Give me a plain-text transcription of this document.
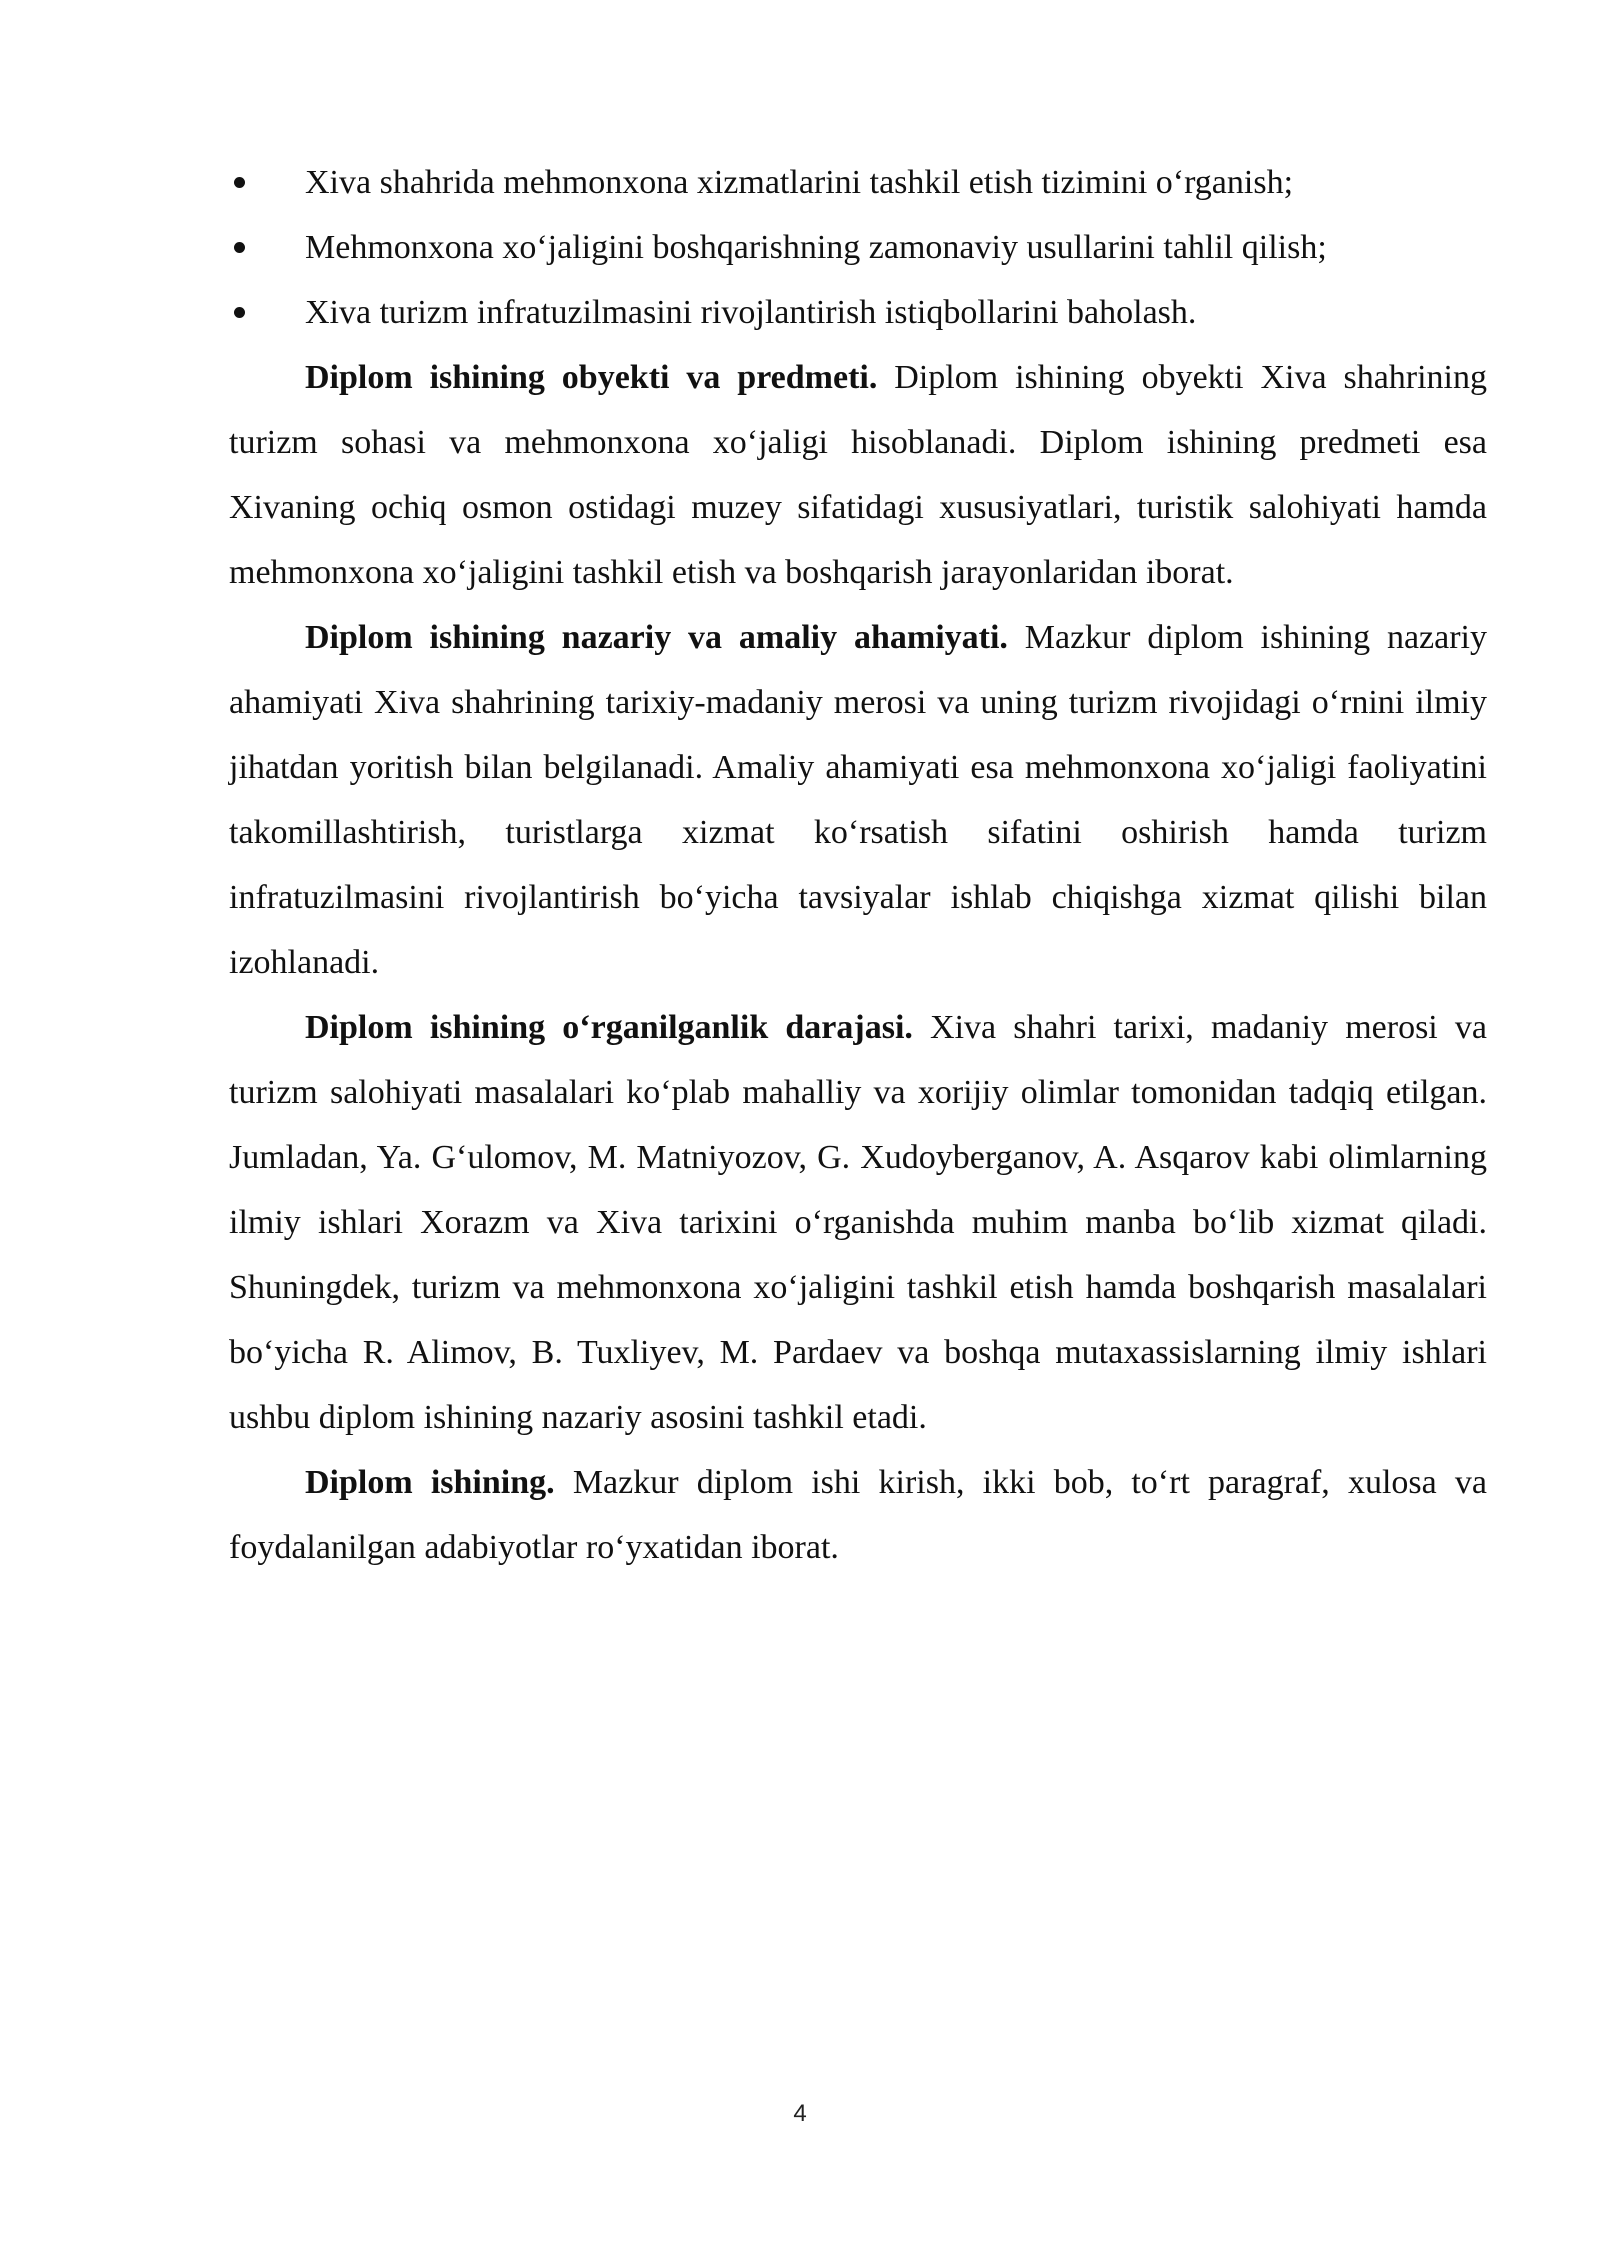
Xiva shahrida mehmonxona xizmatlarini tashkil etish tizimini o‘rganish;
Mehmonxona xo‘jaligini boshqarishning zamonaviy usullarini tahlil qilish;
Xiva turizm infratuzilmasini rivojlantirish istiqbollarini baholash.

Diplom ishining obyekti va predmeti. Diplom ishining obyekti Xiva shahrining turizm sohasi va mehmonxona xo‘jaligi hisoblanadi. Diplom ishining predmeti esa Xivaning ochiq osmon ostidagi muzey sifatidagi xususiyatlari, turistik salohiyati hamda mehmonxona xo‘jaligini tashkil etish va boshqarish jarayonlaridan iborat.

Diplom ishining nazariy va amaliy ahamiyati. Mazkur diplom ishining nazariy ahamiyati Xiva shahrining tarixiy-madaniy merosi va uning turizm rivojidagi o‘rnini ilmiy jihatdan yoritish bilan belgilanadi. Amaliy ahamiyati esa mehmonxona xo‘jaligi faoliyatini takomillashtirish, turistlarga xizmat ko‘rsatish sifatini oshirish hamda turizm infratuzilmasini rivojlantirish bo‘yicha tavsiyalar ishlab chiqishga xizmat qilishi bilan izohlanadi.

Diplom ishining o‘rganilganlik darajasi. Xiva shahri tarixi, madaniy merosi va turizm salohiyati masalalari ko‘plab mahalliy va xorijiy olimlar tomonidan tadqiq etilgan. Jumladan, Ya. G‘ulomov, M. Matniyozov, G. Xudoyberganov, A. Asqarov kabi olimlarning ilmiy ishlari Xorazm va Xiva tarixini o‘rganishda muhim manba bo‘lib xizmat qiladi. Shuningdek, turizm va mehmonxona xo‘jaligini tashkil etish hamda boshqarish masalalari bo‘yicha R. Alimov, B. Tuxliyev, M. Pardaev va boshqa mutaxassislarning ilmiy ishlari ushbu diplom ishining nazariy asosini tashkil etadi.

Diplom ishining. Mazkur diplom ishi kirish, ikki bob, to‘rt paragraf, xulosa va foydalanilgan adabiyotlar ro‘yxatidan iborat.

4
